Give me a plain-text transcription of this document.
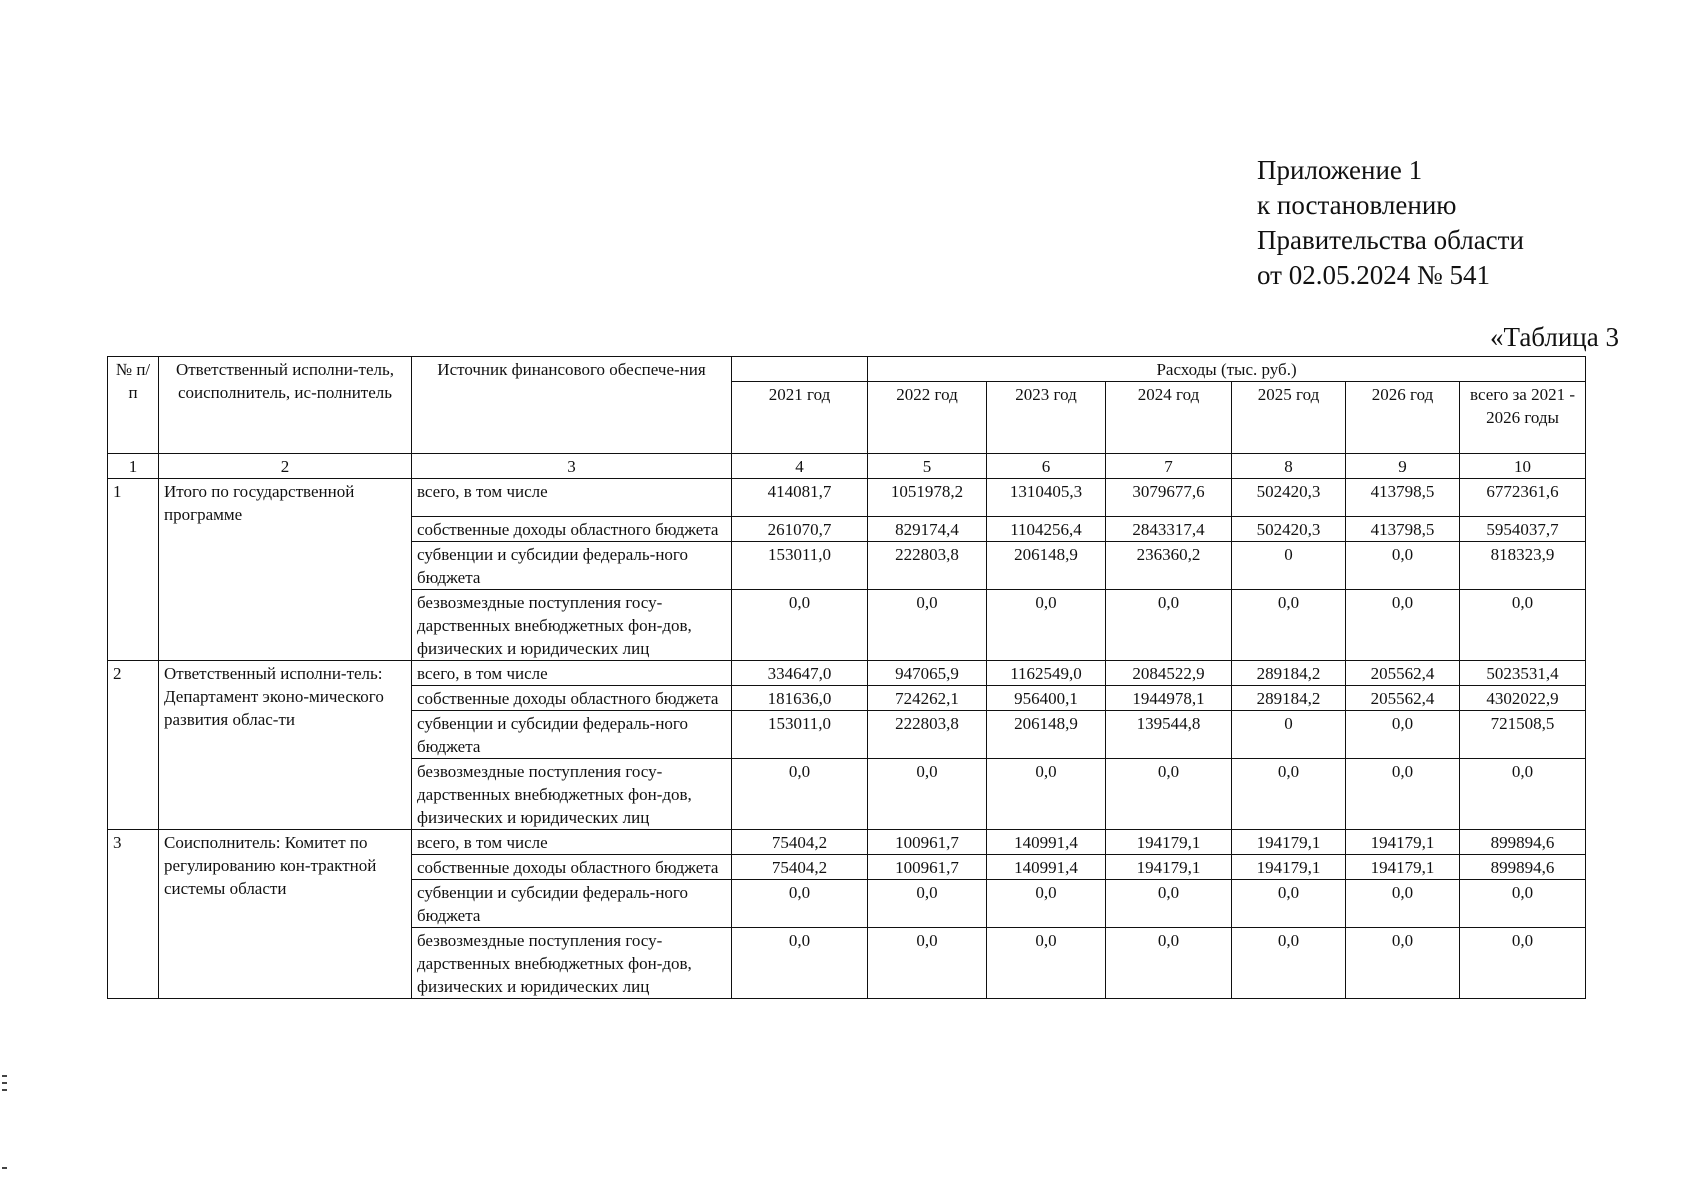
Приложение 1
к постановлению
Правительства области
от 02.05.2024 № 541
«Таблица 3
№ п/п	Ответственный исполни-тель, соисполнитель, ис-полнитель	Источник финансового обеспече-ния		Расходы (тыс. руб.)					
			2021 год	2022 год	2023 год	2024 год	2025 год	2026 год	всего за 2021 - 2026 годы
1	2	3	4	5	6	7	8	9	10
1	Итого по государственной программе	всего, в том числе	414081,7	1051978,2	1310405,3	3079677,6	502420,3	413798,5	6772361,6
		собственные доходы областного бюджета	261070,7	829174,4	1104256,4	2843317,4	502420,3	413798,5	5954037,7
		субвенции и субсидии федераль-ного бюджета	153011,0	222803,8	206148,9	236360,2	0	0,0	818323,9
		безвозмездные поступления госу-дарственных внебюджетных фон-дов, физических и юридических лиц	0,0	0,0	0,0	0,0	0,0	0,0	0,0
2	Ответственный исполни-тель: Департамент эконо-мического развития облас-ти	всего, в том числе	334647,0	947065,9	1162549,0	2084522,9	289184,2	205562,4	5023531,4
		собственные доходы областного бюджета	181636,0	724262,1	956400,1	1944978,1	289184,2	205562,4	4302022,9
		субвенции и субсидии федераль-ного бюджета	153011,0	222803,8	206148,9	139544,8	0	0,0	721508,5
		безвозмездные поступления госу-дарственных внебюджетных фон-дов, физических и юридических лиц	0,0	0,0	0,0	0,0	0,0	0,0	0,0
3	Соисполнитель: Комитет по регулированию кон-трактной системы области	всего, в том числе	75404,2	100961,7	140991,4	194179,1	194179,1	194179,1	899894,6
		собственные доходы областного бюджета	75404,2	100961,7	140991,4	194179,1	194179,1	194179,1	899894,6
		субвенции и субсидии федераль-ного бюджета	0,0	0,0	0,0	0,0	0,0	0,0	0,0
		безвозмездные поступления госу-дарственных внебюджетных фон-дов, физических и юридических лиц	0,0	0,0	0,0	0,0	0,0	0,0	0,0
